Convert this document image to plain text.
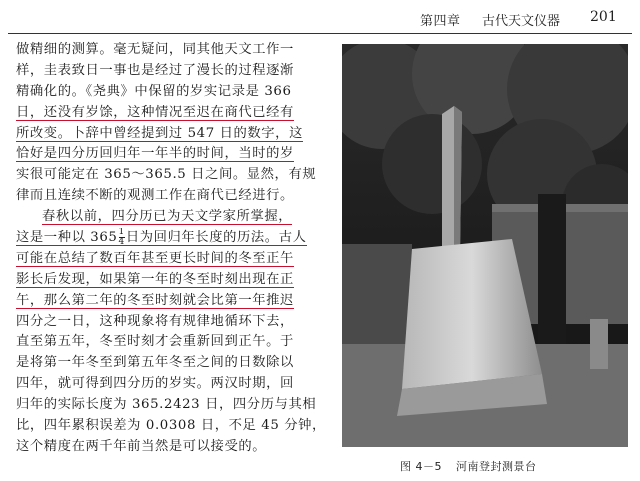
第四章 古代天文仪器 201
做精细的测算。毫无疑问，同其他天文工作一
样，圭表致日一事也是经过了漫长的过程逐渐
精确化的。《尧典》中保留的岁实记录是 366
日，还没有岁馀，这种情况至迟在商代已经有
所改变。卜辞中曾经提到过 547 日的数字，这
恰好是四分历回归年一年半的时间，当时的岁
实很可能定在 365～365.5 日之间。显然，有规
律而且连续不断的观测工作在商代已经进行。
春秋以前，四分历已为天文学家所掌握，
这是一种以 $365 \frac{1}{4}$ 日为回归年长度的历法。古人
可能在总结了数百年甚至更长时间的冬至正午
影长后发现，如果第一年的冬至时刻出现在正
午，那么第二年的冬至时刻就会比第一年推迟
四分之一日，这种现象将有规律地循环下去，
直至第五年，冬至时刻才会重新回到正午。于
是将第一年冬至到第五年冬至之间的日数除以
四年，就可得到四分历的岁实。两汉时期，回
归年的实际长度为 365.2423 日，四分历与其相
比，四年累积误差为 0.0308 日，不足 45 分钟，
这个精度在两千年前当然是可以接受的。
图 4－5 河南登封测景台
